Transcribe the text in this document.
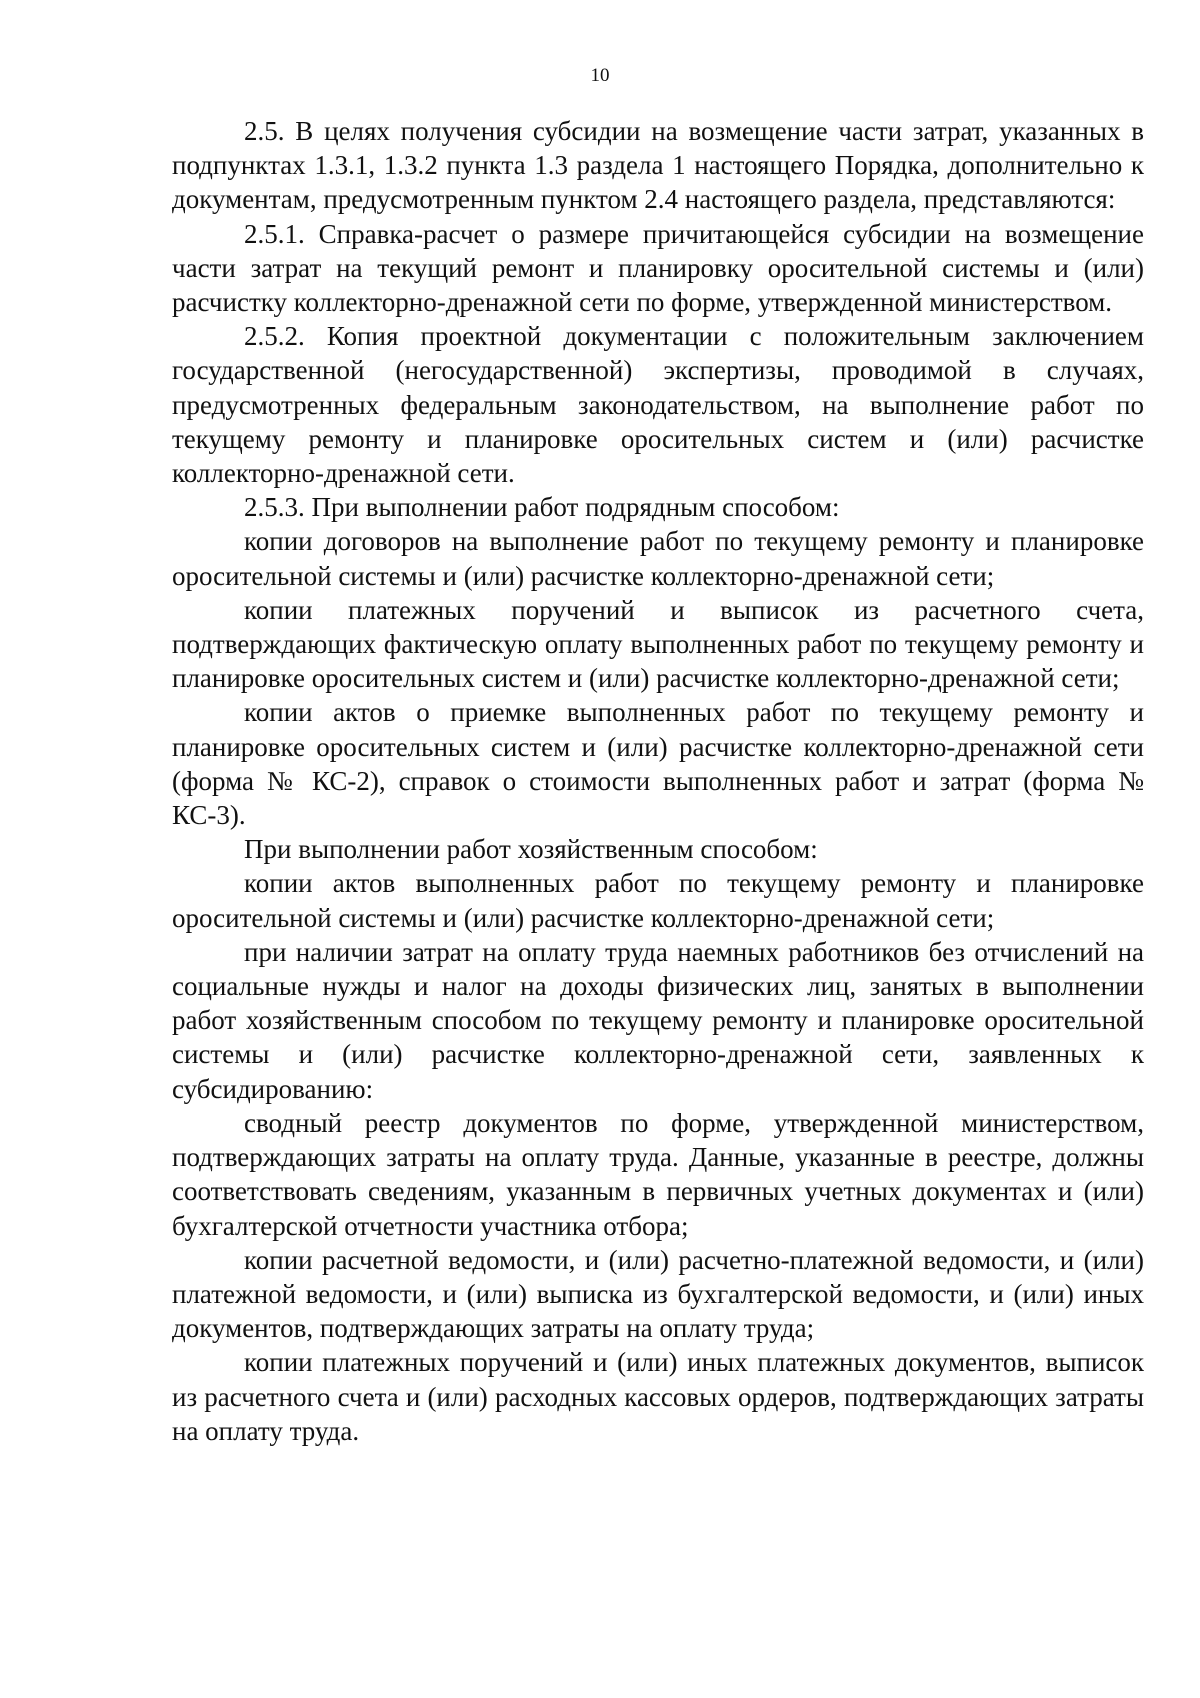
10

2.5. В целях получения субсидии на возмещение части затрат, указанных в подпунктах 1.3.1, 1.3.2 пункта 1.3 раздела 1 настоящего Порядка, дополнительно к документам, предусмотренным пунктом 2.4 настоящего раздела, представляются:

2.5.1. Справка-расчет о размере причитающейся субсидии на возмещение части затрат на текущий ремонт и планировку оросительной системы и (или) расчистку коллекторно-дренажной сети по форме, утвержденной министерством.

2.5.2. Копия проектной документации с положительным заключением государственной (негосударственной) экспертизы, проводимой в случаях, предусмотренных федеральным законодательством, на выполнение работ по текущему ремонту и планировке оросительных систем и (или) расчистке коллекторно-дренажной сети.

2.5.3. При выполнении работ подрядным способом:

копии договоров на выполнение работ по текущему ремонту и планировке оросительной системы и (или) расчистке коллекторно-дренажной сети;

копии платежных поручений и выписок из расчетного счета, подтверждающих фактическую оплату выполненных работ по текущему ремонту и планировке оросительных систем и (или) расчистке коллекторно-дренажной сети;

копии актов о приемке выполненных работ по текущему ремонту и планировке оросительных систем и (или) расчистке коллекторно-дренажной сети (форма № КС-2), справок о стоимости выполненных работ и затрат (форма № КС-3).

При выполнении работ хозяйственным способом:

копии актов выполненных работ по текущему ремонту и планировке оросительной системы и (или) расчистке коллекторно-дренажной сети;

при наличии затрат на оплату труда наемных работников без отчислений на социальные нужды и налог на доходы физических лиц, занятых в выполнении работ хозяйственным способом по текущему ремонту и планировке оросительной системы и (или) расчистке коллекторно-дренажной сети, заявленных к субсидированию:

сводный реестр документов по форме, утвержденной министерством, подтверждающих затраты на оплату труда. Данные, указанные в реестре, должны соответствовать сведениям, указанным в первичных учетных документах и (или) бухгалтерской отчетности участника отбора;

копии расчетной ведомости, и (или) расчетно-платежной ведомости, и (или) платежной ведомости, и (или) выписка из бухгалтерской ведомости, и (или) иных документов, подтверждающих затраты на оплату труда;

копии платежных поручений и (или) иных платежных документов, выписок из расчетного счета и (или) расходных кассовых ордеров, подтверждающих затраты на оплату труда.
